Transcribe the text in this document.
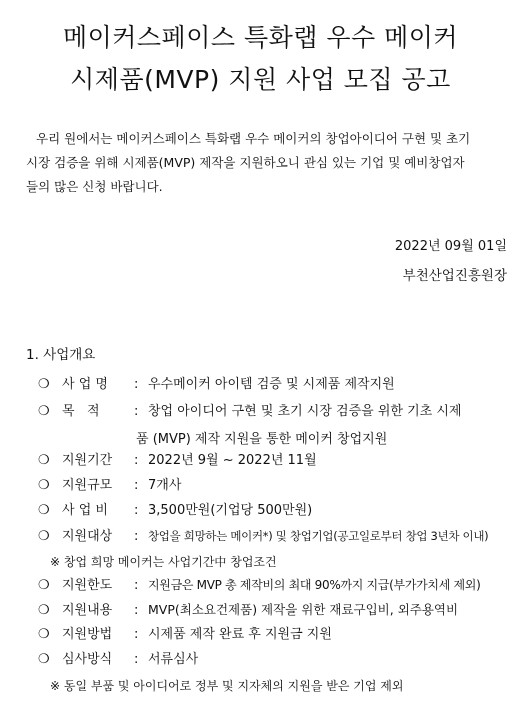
메이커스페이스 특화랩 우수 메이커
시제품(MVP) 지원 사업 모집 공고
우리 원에서는 메이커스페이스 특화랩 우수 메이커의 창업아이디어 구현 및 초기
시장 검증을 위해 시제품(MVP) 제작을 지원하오니 관심 있는 기업 및 예비창업자
들의 많은 신청 바랍니다.
2022년 09월 01일
부천산업진흥원장
1. 사업개요
❍ 사 업 명 : 우수메이커 아이템 검증 및 시제품 제작지원
❍ 목   적	: 창업 아이디어 구현 및 초기 시장 검증을 위한 기초 시제
품 (MVP) 제작 지원을 통한 메이커 창업지원
❍ 지원기간 : 2022년 9월 ~ 2022년 11월
❍ 지원규모 : 7개사
❍ 사 업 비 : 3,500만원(기업당 500만원)
❍ 지원대상 : 창업을 희망하는 메이커*) 및 창업기업(공고일로부터 창업 3년차 이내)
※ 창업 희망 메이커는 사업기간中 창업조건
❍ 지원한도 : 지원금은 MVP 총 제작비의 최대 90%까지 지급(부가가치세 제외)
❍ 지원내용 : MVP(최소요건제품) 제작을 위한 재료구입비, 외주용역비
❍ 지원방법 : 시제품 제작 완료 후 지원금 지원
❍ 심사방식 : 서류심사
※ 동일 부품 및 아이디어로 정부 및 지자체의 지원을 받은 기업 제외
